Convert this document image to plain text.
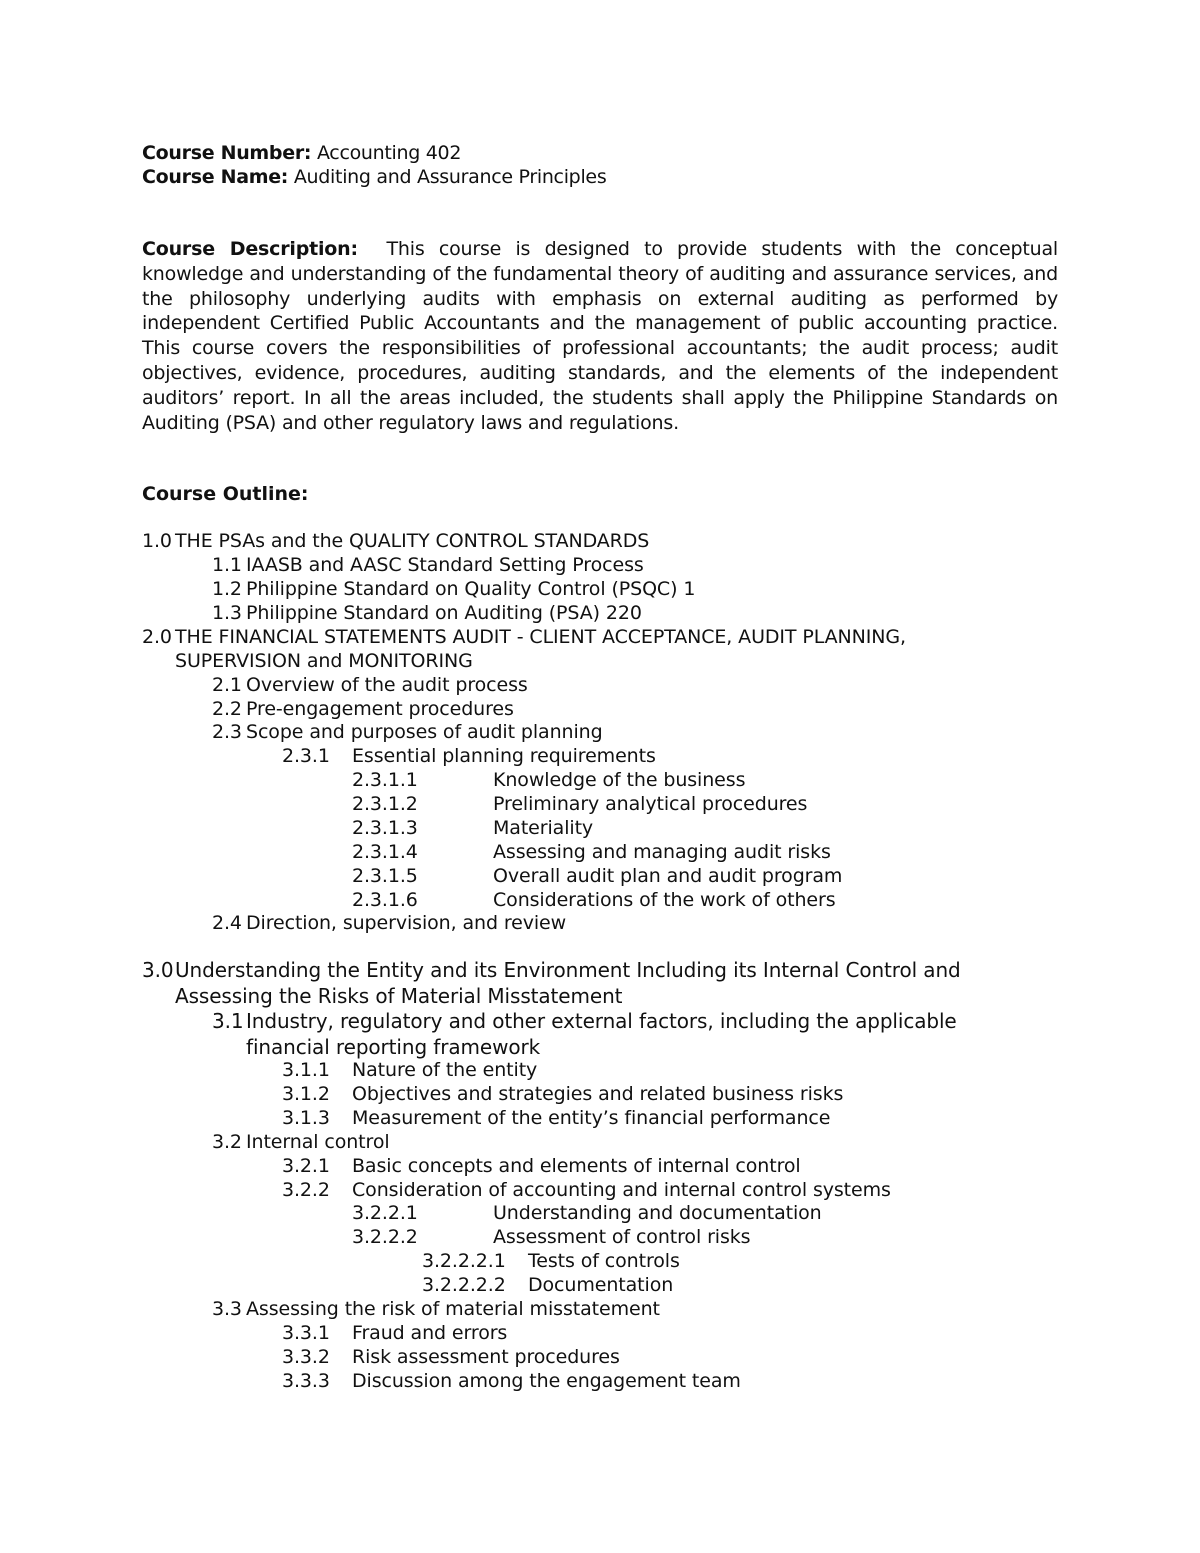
Course Number: Accounting 402
Course Name: Auditing and Assurance Principles
Course Description: This course is designed to provide students with the conceptual knowledge and understanding of the fundamental theory of auditing and assurance services, and the philosophy underlying audits with emphasis on external auditing as performed by independent Certified Public Accountants and the management of public accounting practice. This course covers the responsibilities of professional accountants; the audit process; audit objectives, evidence, procedures, auditing standards, and the elements of the independent auditors’ report. In all the areas included, the students shall apply the Philippine Standards on Auditing (PSA) and other regulatory laws and regulations.
Course Outline:
1.0 THE PSAs and the QUALITY CONTROL STANDARDS
1.1 IAASB and AASC Standard Setting Process
1.2 Philippine Standard on Quality Control (PSQC) 1
1.3 Philippine Standard on Auditing (PSA) 220
2.0 THE FINANCIAL STATEMENTS AUDIT - CLIENT ACCEPTANCE, AUDIT PLANNING,
SUPERVISION and MONITORING
2.1 Overview of the audit process
2.2 Pre-engagement procedures
2.3 Scope and purposes of audit planning
2.3.1 Essential planning requirements
2.3.1.1	Knowledge of the business
2.3.1.2	Preliminary analytical procedures
2.3.1.3	Materiality
2.3.1.4	Assessing and managing audit risks
2.3.1.5	Overall audit plan and audit program
2.3.1.6	Considerations of the work of others
2.4 Direction, supervision, and review
3.0 Understanding the Entity and its Environment Including its Internal Control and
Assessing the Risks of Material Misstatement
3.1 Industry, regulatory and other external factors, including the applicable
financial reporting framework
3.1.1 Nature of the entity
3.1.2 Objectives and strategies and related business risks
3.1.3 Measurement of the entity’s financial performance
3.2 Internal control
3.2.1 Basic concepts and elements of internal control
3.2.2 Consideration of accounting and internal control systems
3.2.2.1	Understanding and documentation
3.2.2.2	Assessment of control risks
3.2.2.2.1 Tests of controls
3.2.2.2.2 Documentation
3.3 Assessing the risk of material misstatement
3.3.1 Fraud and errors
3.3.2 Risk assessment procedures
3.3.3 Discussion among the engagement team
